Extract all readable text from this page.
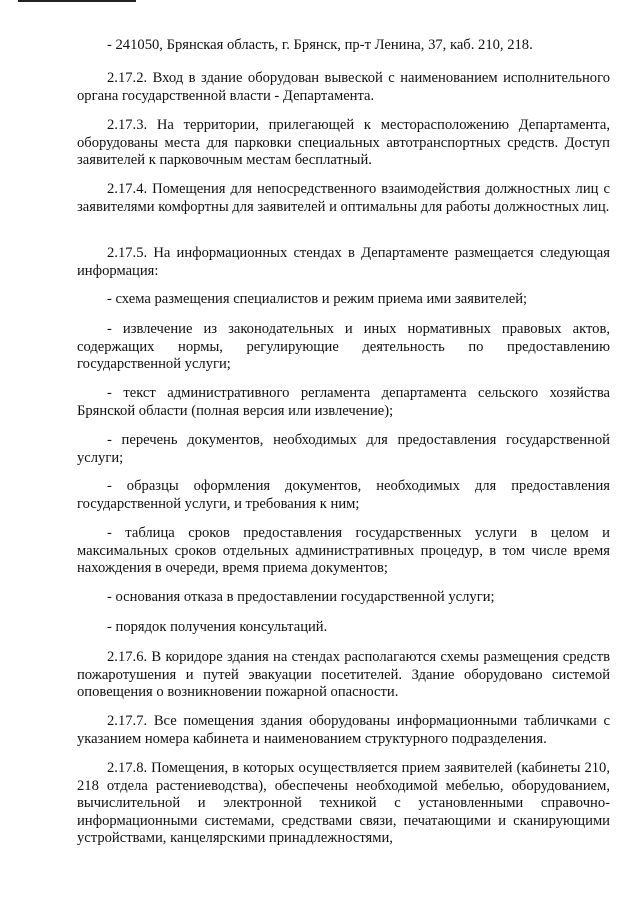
- 241050, Брянская область, г. Брянск, пр-т Ленина, 37, каб. 210, 218.

2.17.2. Вход в здание оборудован вывеской с наименованием исполнительного органа государственной власти - Департамента.

2.17.3. На территории, прилегающей к месторасположению Департамента, оборудованы места для парковки специальных автотранспортных средств. Доступ заявителей к парковочным местам бесплатный.

2.17.4. Помещения для непосредственного взаимодействия должностных лиц с заявителями комфортны для заявителей и оптимальны для работы должностных лиц.

2.17.5. На информационных стендах в Департаменте размещается следующая информация:

- схема размещения специалистов и режим приема ими заявителей;

- извлечение из законодательных и иных нормативных правовых актов, содержащих нормы, регулирующие деятельность по предоставлению государственной услуги;

- текст административного регламента департамента сельского хозяйства Брянской области (полная версия или извлечение);

- перечень документов, необходимых для предоставления государственной услуги;

- образцы оформления документов, необходимых для предоставления государственной услуги, и требования к ним;

- таблица сроков предоставления государственных услуги в целом и максимальных сроков отдельных административных процедур, в том числе время нахождения в очереди, время приема документов;

- основания отказа в предоставлении государственной услуги;

- порядок получения консультаций.

2.17.6. В коридоре здания на стендах располагаются схемы размещения средств пожаротушения и путей эвакуации посетителей. Здание оборудовано системой оповещения о возникновении пожарной опасности.

2.17.7. Все помещения здания оборудованы информационными табличками с указанием номера кабинета и наименованием структурного подразделения.

2.17.8. Помещения, в которых осуществляется прием заявителей (кабинеты 210, 218 отдела растениеводства), обеспечены необходимой мебелью, оборудованием, вычислительной и электронной техникой с установленными справочно-информационными системами, средствами связи, печатающими и сканирующими устройствами, канцелярскими принадлежностями,
